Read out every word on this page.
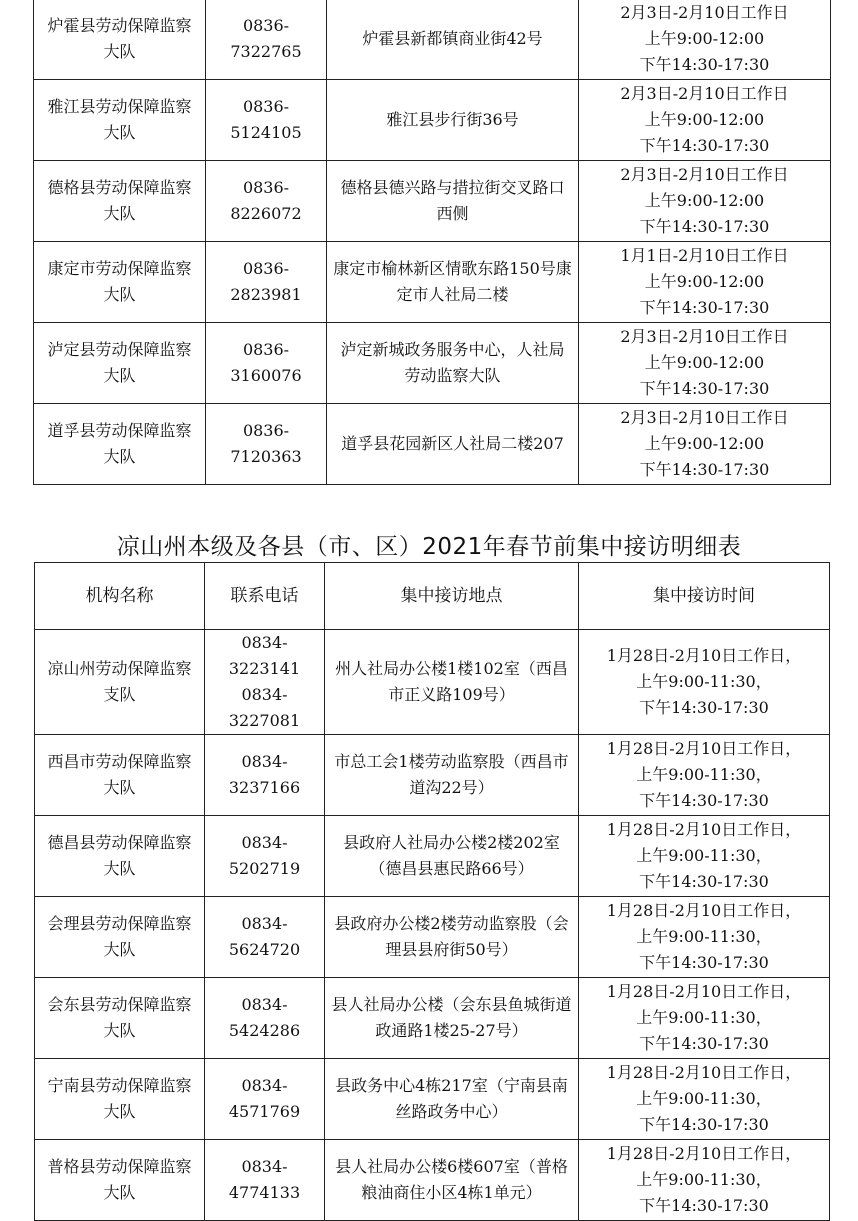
炉霍县劳动保障监察大队	0836-7322765	炉霍县新都镇商业街42号	2月3日-2月10日工作日
上午9:00-12:00
下午14:30-17:30

雅江县劳动保障监察大队	0836-5124105	雅江县步行街36号	2月3日-2月10日工作日
上午9:00-12:00
下午14:30-17:30

德格县劳动保障监察大队	0836-8226072	德格县德兴路与措拉街交叉路口西侧	2月3日-2月10日工作日
上午9:00-12:00
下午14:30-17:30

康定市劳动保障监察大队	0836-2823981	康定市榆林新区情歌东路150号康定市人社局二楼	1月1日-2月10日工作日
上午9:00-12:00
下午14:30-17:30

泸定县劳动保障监察大队	0836-3160076	泸定新城政务服务中心，人社局劳动监察大队	2月3日-2月10日工作日
上午9:00-12:00
下午14:30-17:30

道孚县劳动保障监察大队	0836-7120363	道孚县花园新区人社局二楼207	2月3日-2月10日工作日
上午9:00-12:00
下午14:30-17:30
凉山州本级及各县（市、区）2021年春节前集中接访明细表
机构名称	联系电话	集中接访地点	集中接访时间
凉山州劳动保障监察支队	0834-3223141
0834-3227081	州人社局办公楼1楼102室（西昌市正义路109号）	1月28日-2月10日工作日，
上午9:00-11:30，
下午14:30-17:30

西昌市劳动保障监察大队	0834-3237166	市总工会1楼劳动监察股（西昌市道沟22号）	1月28日-2月10日工作日，
上午9:00-11:30，
下午14:30-17:30

德昌县劳动保障监察大队	0834-5202719	县政府人社局办公楼2楼202室（德昌县惠民路66号）	1月28日-2月10日工作日，
上午9:00-11:30，
下午14:30-17:30

会理县劳动保障监察大队	0834-5624720	县政府办公楼2楼劳动监察股（会理县县府街50号）	1月28日-2月10日工作日，
上午9:00-11:30，
下午14:30-17:30

会东县劳动保障监察大队	0834-5424286	县人社局办公楼（会东县鱼城街道政通路1楼25-27号）	1月28日-2月10日工作日，
上午9:00-11:30，
下午14:30-17:30

宁南县劳动保障监察大队	0834-4571769	县政务中心4栋217室（宁南县南丝路政务中心）	1月28日-2月10日工作日，
上午9:00-11:30，
下午14:30-17:30

普格县劳动保障监察大队	0834-4774133	县人社局办公楼6楼607室（普格粮油商住小区4栋1单元）	1月28日-2月10日工作日，
上午9:00-11:30，
下午14:30-17:30
